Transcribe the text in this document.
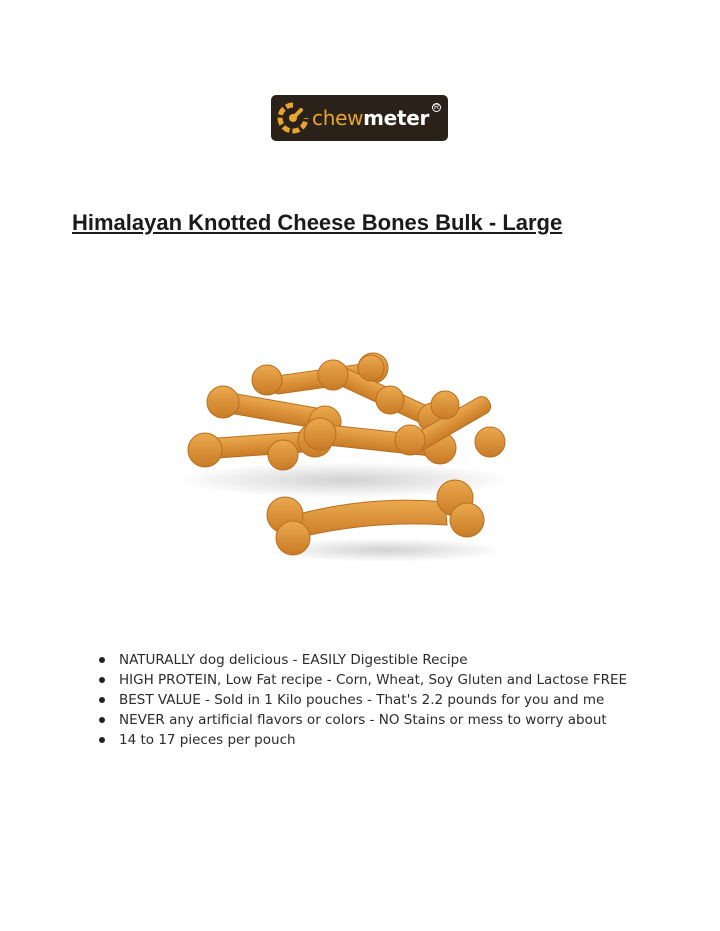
chewmeter R
Himalayan Knotted Cheese Bones Bulk - Large
NATURALLY dog delicious - EASILY Digestible Recipe
HIGH PROTEIN, Low Fat recipe - Corn, Wheat, Soy Gluten and Lactose FREE
BEST VALUE - Sold in 1 Kilo pouches - That's 2.2 pounds for you and me
NEVER any artificial flavors or colors - NO Stains or mess to worry about
14 to 17 pieces per pouch
